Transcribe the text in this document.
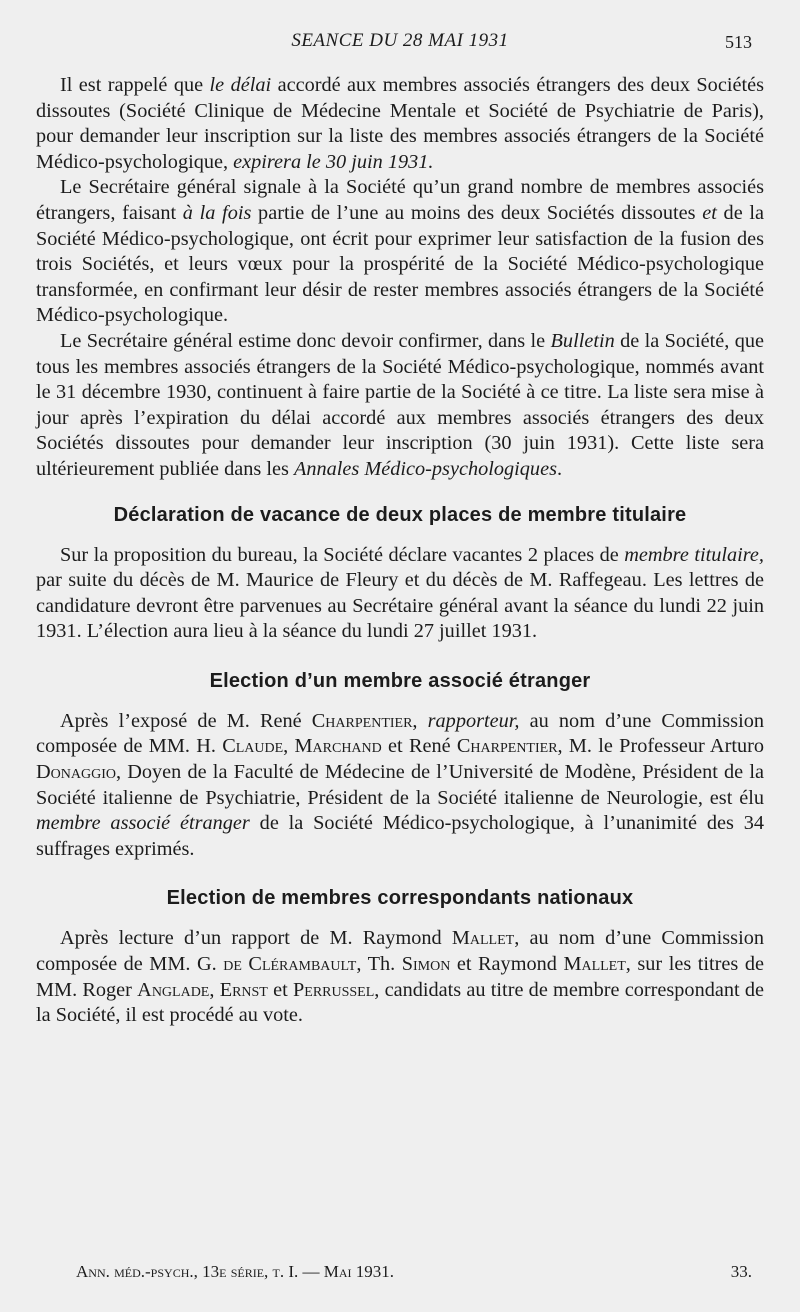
SEANCE DU 28 MAI 1931	513

Il est rappelé que le délai accordé aux membres associés étrangers des deux Sociétés dissoutes (Société Clinique de Médecine Mentale et Société de Psychiatrie de Paris), pour demander leur inscription sur la liste des membres associés étrangers de la Société Médico-psychologique, expirera le 30 juin 1931.

Le Secrétaire général signale à la Société qu’un grand nombre de membres associés étrangers, faisant à la fois partie de l’une au moins des deux Sociétés dissoutes et de la Société Médico-psychologique, ont écrit pour exprimer leur satisfaction de la fusion des trois Sociétés, et leurs vœux pour la prospérité de la Société Médico-psychologique transformée, en confirmant leur désir de rester membres associés étrangers de la Société Médico-psychologique.

Le Secrétaire général estime donc devoir confirmer, dans le Bulletin de la Société, que tous les membres associés étrangers de la Société Médico-psychologique, nommés avant le 31 décembre 1930, continuent à faire partie de la Société à ce titre. La liste sera mise à jour après l’expiration du délai accordé aux membres associés étrangers des deux Sociétés dissoutes pour demander leur inscription (30 juin 1931). Cette liste sera ultérieurement publiée dans les Annales Médico-psychologiques.

Déclaration de vacance de deux places de membre titulaire

Sur la proposition du bureau, la Société déclare vacantes 2 places de membre titulaire, par suite du décès de M. Maurice de Fleury et du décès de M. Raffegeau. Les lettres de candidature devront être parvenues au Secrétaire général avant la séance du lundi 22 juin 1931. L’élection aura lieu à la séance du lundi 27 juillet 1931.

Election d’un membre associé étranger

Après l’exposé de M. René Charpentier, rapporteur, au nom d’une Commission composée de MM. H. Claude, Marchand et René Charpentier, M. le Professeur Arturo Donaggio, Doyen de la Faculté de Médecine de l’Université de Modène, Président de la Société italienne de Psychiatrie, Président de la Société italienne de Neurologie, est élu membre associé étranger de la Société Médico-psychologique, à l’unanimité des 34 suffrages exprimés.

Election de membres correspondants nationaux

Après lecture d’un rapport de M. Raymond Mallet, au nom d’une Commission composée de MM. G. de Clérambault, Th. Simon et Raymond Mallet, sur les titres de MM. Roger Anglade, Ernst et Perrussel, candidats au titre de membre correspondant de la Société, il est procédé au vote.

Ann. méd.-psych., 13e série, t. I. — Mai 1931.	33.
